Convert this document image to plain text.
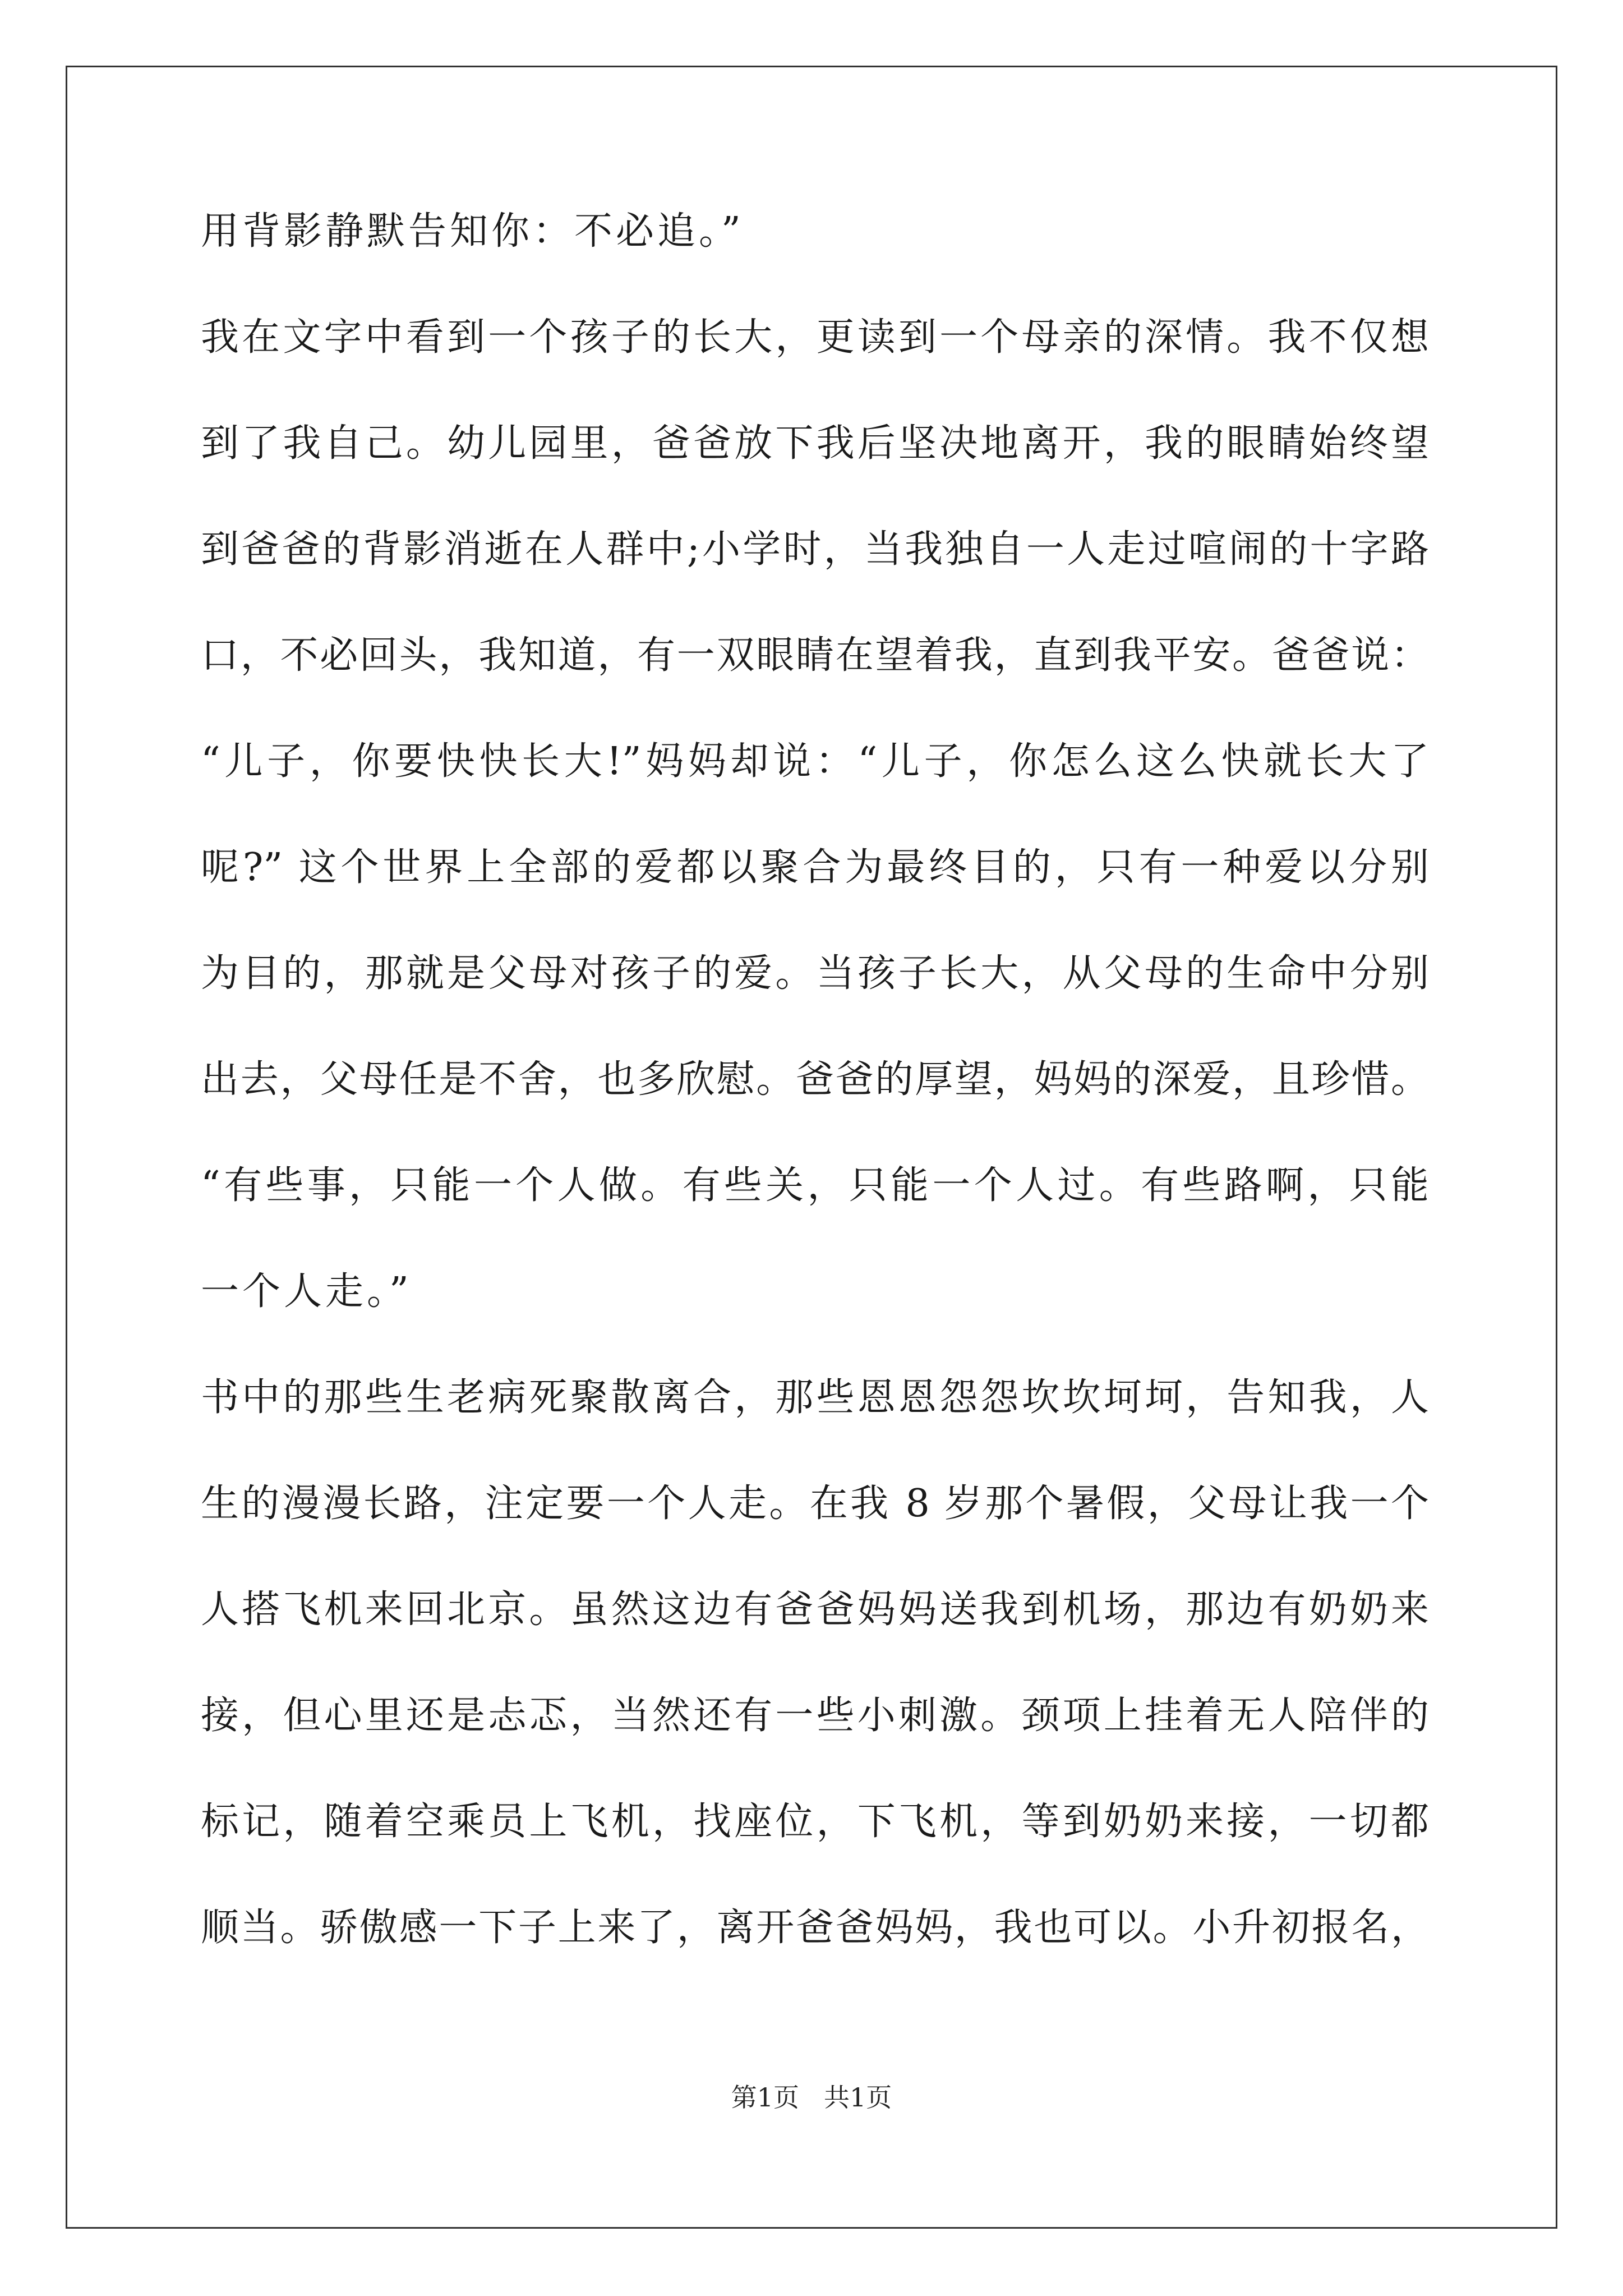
用背影静默告知你：不必追。”

我在文字中看到一个孩子的长大，更读到一个母亲的深情。我不仅想

到了我自己。幼儿园里，爸爸放下我后坚决地离开，我的眼睛始终望

到爸爸的背影消逝在人群中;小学时，当我独自一人走过喧闹的十字路

口，不必回头，我知道，有一双眼睛在望着我，直到我平安。爸爸说：

“儿子，你要快快长大!”妈妈却说：“儿子，你怎么这么快就长大了

呢?” 这个世界上全部的爱都以聚合为最终目的，只有一种爱以分别

为目的，那就是父母对孩子的爱。当孩子长大，从父母的生命中分别

出去，父母任是不舍，也多欣慰。爸爸的厚望，妈妈的深爱，且珍惜。

“有些事，只能一个人做。有些关，只能一个人过。有些路啊，只能

一个人走。”

书中的那些生老病死聚散离合，那些恩恩怨怨坎坎坷坷，告知我，人

生的漫漫长路，注定要一个人走。在我 8 岁那个暑假，父母让我一个

人搭飞机来回北京。虽然这边有爸爸妈妈送我到机场，那边有奶奶来

接，但心里还是忐忑，当然还有一些小刺激。颈项上挂着无人陪伴的

标记，随着空乘员上飞机，找座位，下飞机，等到奶奶来接，一切都

顺当。骄傲感一下子上来了，离开爸爸妈妈，我也可以。小升初报名，

第1页 共1页
